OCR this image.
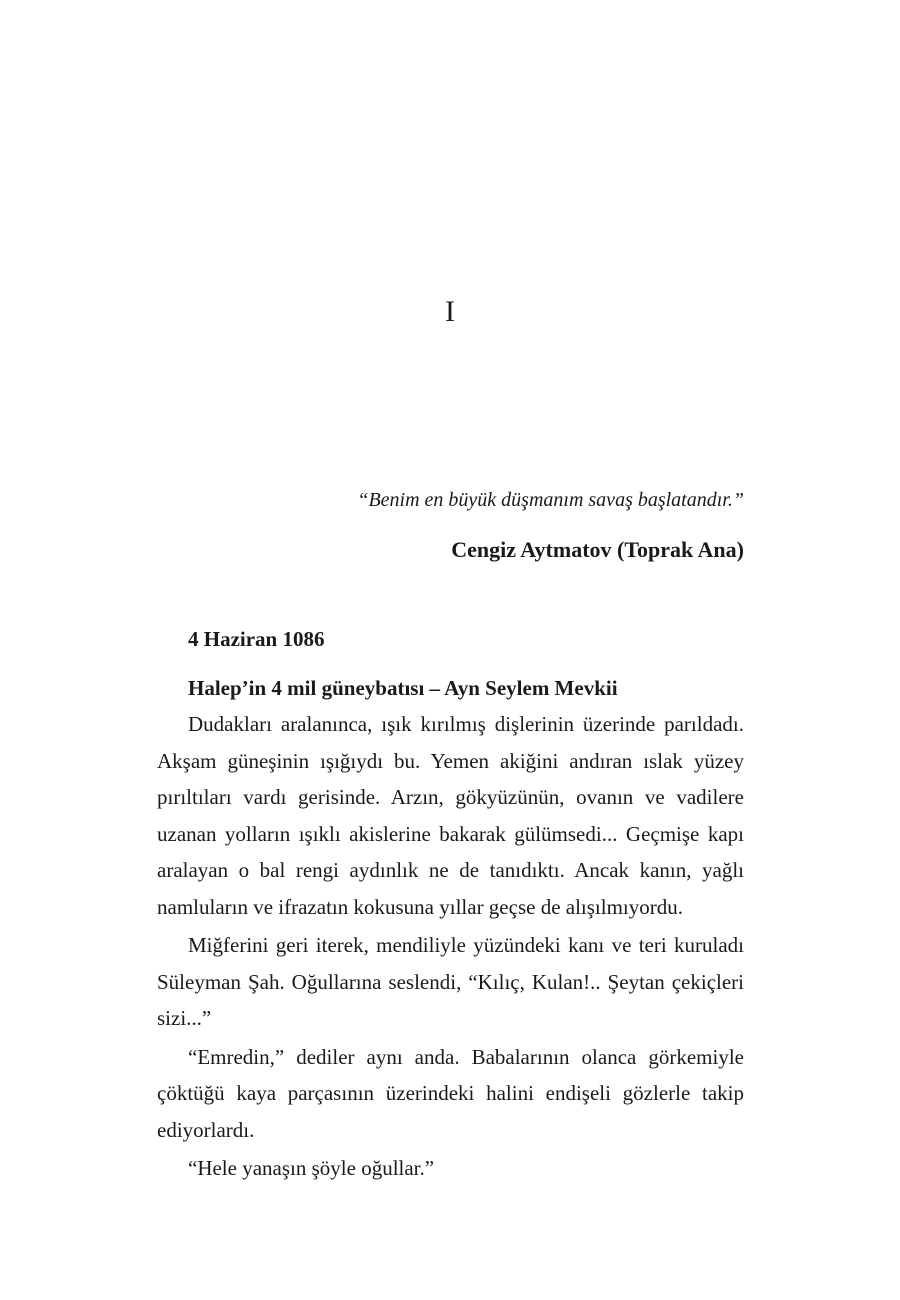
I
“Benim en büyük düşmanım savaş başlatandır.”
Cengiz Aytmatov (Toprak Ana)

4 Haziran 1086

Halep’in 4 mil güneybatısı – Ayn Seylem Mevkii

Dudakları aralanınca, ışık kırılmış dişlerinin üzerinde parıldadı. Akşam güneşinin ışığıydı bu. Yemen akiğini andıran ıslak yüzey pırıltıları vardı gerisinde. Arzın, gökyüzünün, ovanın ve vadilere uzanan yolların ışıklı akislerine bakarak gülümsedi... Geçmişe kapı aralayan o bal rengi aydınlık ne de tanıdıktı. Ancak kanın, yağlı namluların ve ifrazatın kokusuna yıllar geçse de alışılmıyordu.

Miğferini geri iterek, mendiliyle yüzündeki kanı ve teri kuruladı Süleyman Şah. Oğullarına seslendi, “Kılıç, Kulan!.. Şeytan çekiçleri sizi...”

“Emredin,” dediler aynı anda. Babalarının olanca görkemiyle çöktüğü kaya parçasının üzerindeki halini endişeli gözlerle takip ediyorlardı.

“Hele yanaşın şöyle oğullar.”
